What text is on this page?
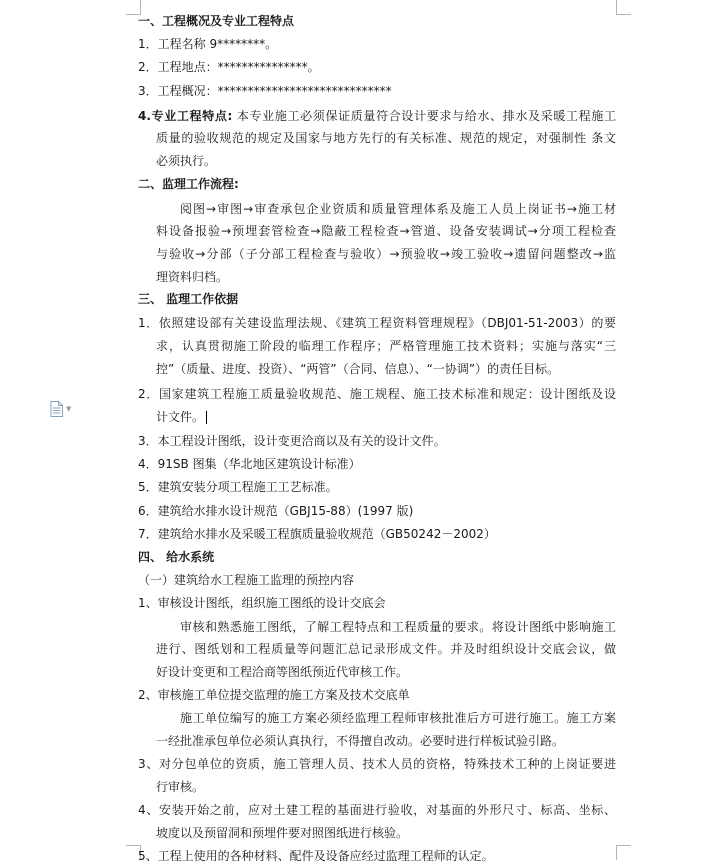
▼
一、工程概况及专业工程特点
1．工程名称 9********。
2．工程地点：***************。
3．工程概况：*****************************
4.专业工程特点: 本专业施工必须保证质量符合设计要求与给水、排水及采暖工程施工
质量的验收规范的规定及国家与地方先行的有关标准、规范的规定，对强制性 条文
必须执行。
二、监理工作流程:
阅图→审图→审查承包企业资质和质量管理体系及施工人员上岗证书→施工材
料设备报验→预埋套管检查→隐蔽工程检查→管道、设备安装调试→分项工程检查
与验收→分部（子分部工程检查与验收）→预验收→竣工验收→遗留问题整改→监
理资料归档。
三、 监理工作依据
1．依照建设部有关建设监理法规、《建筑工程资料管理规程》（DBJ01-51-2003）的要
求，认真贯彻施工阶段的临理工作程序；严格管理施工技术资料；实施与落实“三
控”（质量、进度、投资）、“两管”（合同、信息）、“一协调”）的责任目标。
2．国家建筑工程施工质量验收规范、施工规程、施工技术标准和规定：设计图纸及设
计文件。
3．本工程设计图纸，设计变更洽商以及有关的设计文件。
4．91SB 图集（华北地区建筑设计标准）
5．建筑安装分项工程施工工艺标准。
6．建筑给水排水设计规范（GBJ15-88）(1997 版)
7．建筑给水排水及采暖工程旗质量验收规范（GB50242－2002）
四、 给水系统
（一）建筑给水工程施工监理的预控内容
1、审核设计图纸，组织施工图纸的设计交底会
审核和熟悉施工图纸，了解工程特点和工程质量的要求。将设计图纸中影响施工
进行、图纸划和工程质量等问题汇总记录形成文件。并及时组织设计交底会议，做
好设计变更和工程洽商等图纸预近代审核工作。
2、审核施工单位提交监理的施工方案及技术交底单
施工单位编写的施工方案必须经监理工程师审核批准后方可进行施工。施工方案
一经批准承包单位必须认真执行，不得擅自改动。必要时进行样板试验引路。
3、对分包单位的资质，施工管理人员、技术人员的资格，特殊技术工种的上岗证要进
行审核。
4、安装开始之前，应对土建工程的基面进行验收，对基面的外形尺寸、标高、坐标、
坡度以及预留洞和预埋件要对照图纸进行核验。
5、工程上使用的各种材料、配件及设备应经过监理工程师的认定。
